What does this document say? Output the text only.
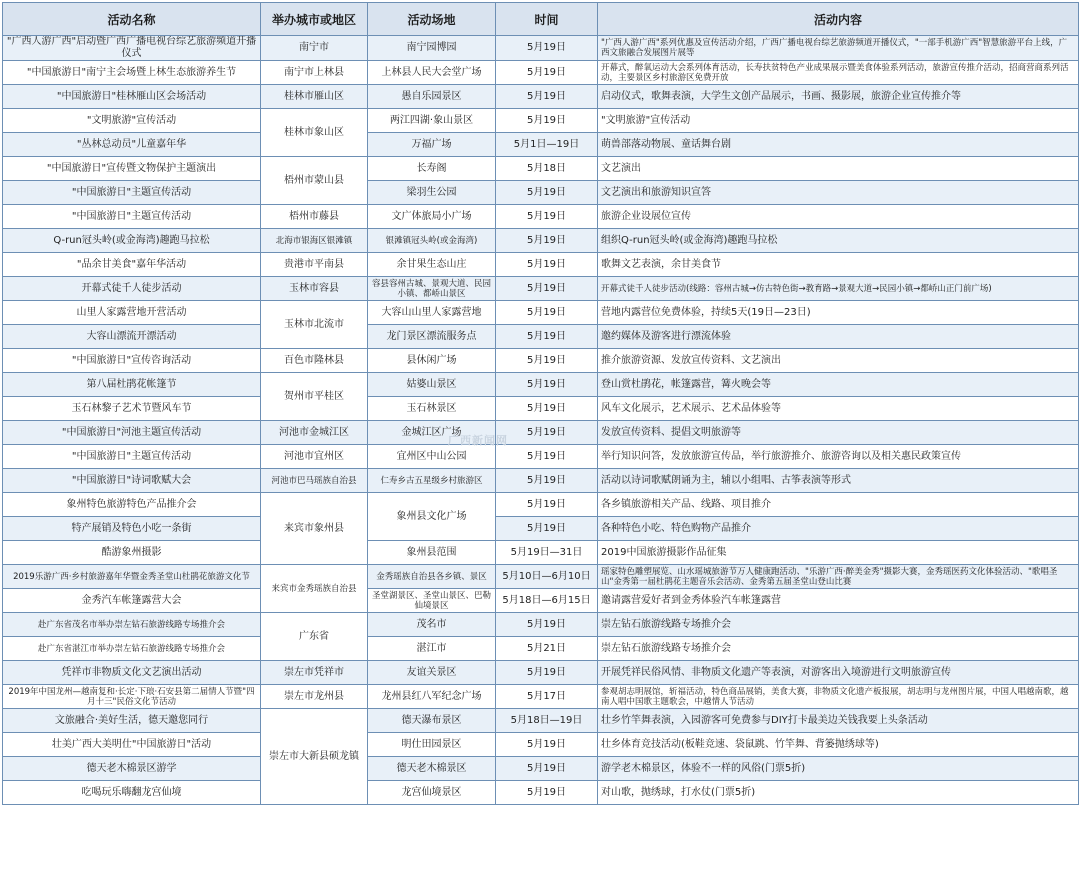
活动名称	举办城市或地区	活动场地	时间	活动内容
"广西人游广西"启动暨广西广播电视台综艺旅游频道开播仪式	南宁市	南宁园博园	5月19日	"广西人游广西"系列优惠及宣传活动介绍，广西广播电视台综艺旅游频道开播仪式，"一部手机游广西"智慧旅游平台上线，广西文旅融合发展图片展等
"中国旅游日"南宁主会场暨上林生态旅游养生节	南宁市上林县	上林县人民大会堂广场	5月19日	开幕式，醉氧运动大会系列体育活动，长寿扶贫特色产业成果展示暨美食体验系列活动，旅游宣传推介活动，招商营商系列活动，主要景区乡村旅游区免费开放
"中国旅游日"桂林雁山区会场活动	桂林市雁山区	愚自乐园景区	5月19日	启动仪式，歌舞表演，大学生文创产品展示，书画、摄影展，旅游企业宣传推介等
"文明旅游"宣传活动	桂林市象山区	两江四湖·象山景区	5月19日	"文明旅游"宣传活动
"丛林总动员"儿童嘉年华		万福广场	5月1日—19日	萌兽部落动物展、童话舞台剧
"中国旅游日"宣传暨文物保护主题演出	梧州市蒙山县	长寿阁	5月18日	文艺演出
"中国旅游日"主题宣传活动		梁羽生公园	5月19日	文艺演出和旅游知识宣答
"中国旅游日"主题宣传活动	梧州市藤县	文广体旅局小广场	5月19日	旅游企业设展位宣传
Q-run冠头岭(或金海湾)趣跑马拉松	北海市银海区银滩镇	银滩镇冠头岭(或金海湾)	5月19日	组织Q-run冠头岭(或金海湾)趣跑马拉松
"品余甘美食"嘉年华活动	贵港市平南县	余甘果生态山庄	5月19日	歌舞文艺表演，余甘美食节
开幕式徒千人徒步活动	玉林市容县	容县容州古城、景观大道、民园小镇、都峤山景区	5月19日	开幕式徒千人徒步活动(线路：容州古城→仿古特色街→教育路→景观大道→民园小镇→都峤山正门前广场)
山里人家露营地开营活动	玉林市北流市	大容山山里人家露营地	5月19日	营地内露营位免费体验，持续5天(19日—23日)
大容山漂流开漂活动		龙门景区漂流服务点	5月19日	邀约媒体及游客进行漂流体验
"中国旅游日"宣传咨询活动	百色市隆林县	县休闲广场	5月19日	推介旅游资源、发放宣传资料、文艺演出
第八届杜鹃花帐篷节	贺州市平桂区	姑婆山景区	5月19日	登山赏杜鹃花，帐篷露营，篝火晚会等
玉石林黎子艺术节暨风车节		玉石林景区	5月19日	风车文化展示，艺术展示、艺术品体验等
"中国旅游日"河池主题宣传活动	河池市金城江区	金城江区广场	5月19日	发放宣传资料、提倡文明旅游等
"中国旅游日"主题宣传活动	河池市宜州区	宜州区中山公园	5月19日	举行知识问答，发放旅游宣传品，举行旅游推介、旅游咨询以及相关惠民政策宣传
"中国旅游日"诗词歌赋大会	河池市巴马瑶族自治县	仁寿乡古五星级乡村旅游区	5月19日	活动以诗词歌赋朗诵为主，辅以小组唱、古筝表演等形式
象州特色旅游特色产品推介会	来宾市象州县	象州县文化广场	5月19日	各乡镇旅游相关产品、线路、项目推介
特产展销及特色小吃一条街			5月19日	各种特色小吃、特色购物产品推介
酷游象州摄影		象州县范围	5月19日—31日	2019中国旅游摄影作品征集
2019乐游广西·乡村旅游嘉年华暨金秀圣堂山杜鹃花旅游文化节	来宾市金秀瑶族自治县	金秀瑶族自治县各乡镇、景区	5月10日—6月10日	瑶家特色雕塑展览、山水瑶城旅游节万人健康跑活动、"乐游广西·醉美金秀"摄影大赛，金秀瑶医药文化体验活动、"歌唱圣山"金秀第一届杜鹃花主题音乐会活动、金秀第五届圣堂山登山比赛
金秀汽车帐篷露营大会		圣堂湖景区、圣堂山景区、巴勒仙境景区	5月18日—6月15日	邀请露营爱好者到金秀体验汽车帐篷露营
赴广东省茂名市举办崇左钻石旅游线路专场推介会	广东省	茂名市	5月19日	崇左钻石旅游线路专场推介会
赴广东省湛江市举办崇左钻石旅游线路专场推介会		湛江市	5月21日	崇左钻石旅游线路专场推介会
凭祥市非物质文化文艺演出活动	崇左市凭祥市	友谊关景区	5月19日	开展凭祥民俗风情、非物质文化遗产等表演，对游客出入境游进行文明旅游宣传
2019年中国龙州—越南复和·长定·下琅·石安县第二届情人节暨"四月十三"民俗文化节活动	崇左市龙州县	龙州县红八军纪念广场	5月17日	参观胡志明展馆，斩福活动，特色商品展销，美食大赛，非物质文化遗产板报展，胡志明与龙州图片展，中国人唱越南歌，越南人唱中国歌主题歌会，中越情人节活动
文旅融合·美好生活，德天邀您同行	崇左市大新县硕龙镇	德天瀑布景区	5月18日—19日	壮乡竹竿舞表演，入园游客可免费参与DIY打卡最美边关钱我要上头条活动
壮美广西大美明仕"中国旅游日"活动		明仕田园景区	5月19日	壮乡体育竞技活动(板鞋竞速、袋鼠跳、竹竿舞、背篓抛绣球等)
德天老木棉景区游学		德天老木棉景区	5月19日	游学老木棉景区，体验不一样的风俗(门票5折)
吃喝玩乐嗨翻龙宫仙境		龙宫仙境景区	5月19日	对山歌，抛绣球，打水仗(门票5折)
广西新闻网
